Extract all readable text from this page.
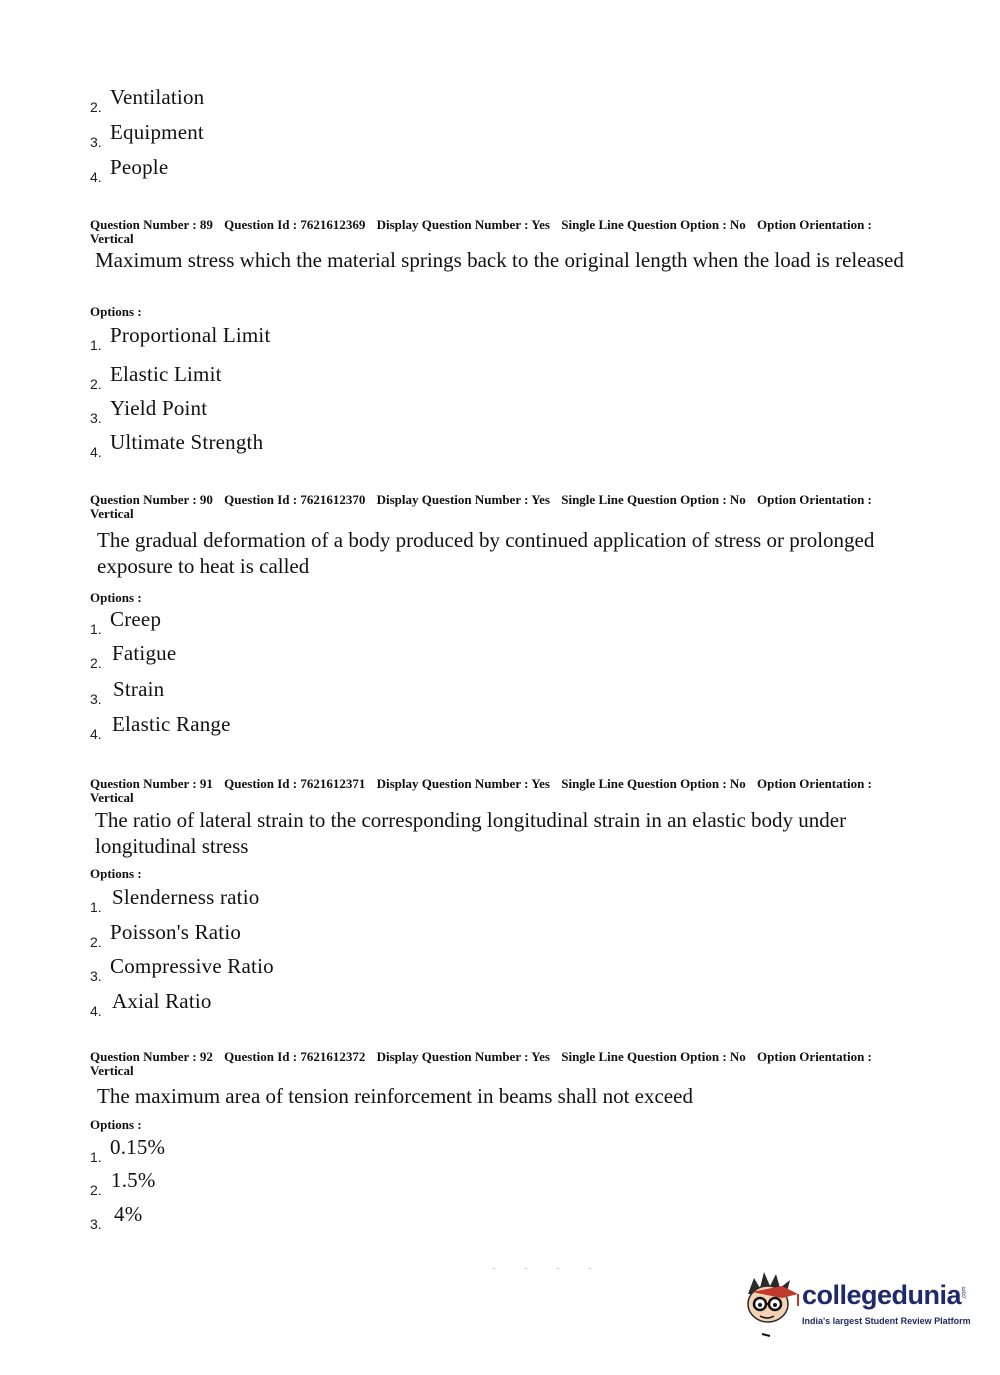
2. Ventilation
3. Equipment
4. People
Question Number : 89 Question Id : 7621612369 Display Question Number : Yes Single Line Question Option : No Option Orientation : Vertical
Maximum stress which the material springs back to the original length when the load is released
Options :
1. Proportional Limit
2. Elastic Limit
3. Yield Point
4. Ultimate Strength
Question Number : 90 Question Id : 7621612370 Display Question Number : Yes Single Line Question Option : No Option Orientation : Vertical
The gradual deformation of a body produced by continued application of stress or prolonged exposure to heat is called
Options :
1. Creep
2. Fatigue
3. Strain
4. Elastic Range
Question Number : 91 Question Id : 7621612371 Display Question Number : Yes Single Line Question Option : No Option Orientation : Vertical
The ratio of lateral strain to the corresponding longitudinal strain in an elastic body under longitudinal stress
Options :
1. Slenderness ratio
2. Poisson's Ratio
3. Compressive Ratio
4. Axial Ratio
Question Number : 92 Question Id : 7621612372 Display Question Number : Yes Single Line Question Option : No Option Orientation : Vertical
The maximum area of tension reinforcement in beams shall not exceed
Options :
1. 0.15%
2. 1.5%
3. 4%
. . . .
collegedunia .com
India's largest Student Review Platform
